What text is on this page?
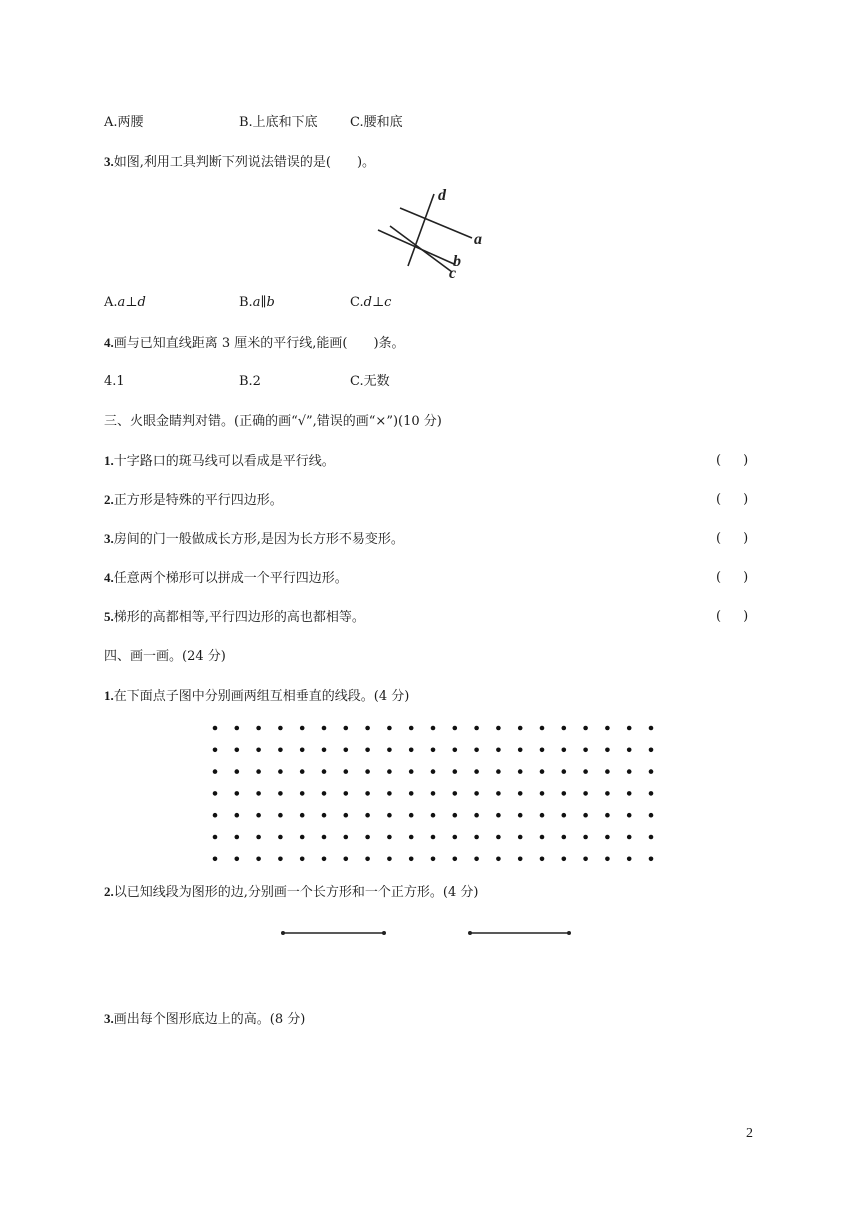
A.两腰	B.上底和下底 C.腰和底
3.如图,利用工具判断下列说法错误的是(　　)。
d
a
b
c
A.a⊥d	B.a∥b	C.d⊥c
4.画与已知直线距离 3 厘米的平行线,能画(　　)条。
4.1	B.2	C.无数
三、火眼金睛判对错。(正确的画“√”,错误的画“×”)(10 分)
1.十字路口的斑马线可以看成是平行线。	( )
2.正方形是特殊的平行四边形。	( )
3.房间的门一般做成长方形,是因为长方形不易变形。	( )
4.任意两个梯形可以拼成一个平行四边形。	( )
5.梯形的高都相等,平行四边形的高也都相等。	( )
四、画一画。(24 分)
1.在下面点子图中分别画两组互相垂直的线段。(4 分)
2.以已知线段为图形的边,分别画一个长方形和一个正方形。(4 分)
3.画出每个图形底边上的高。(8 分)
2
